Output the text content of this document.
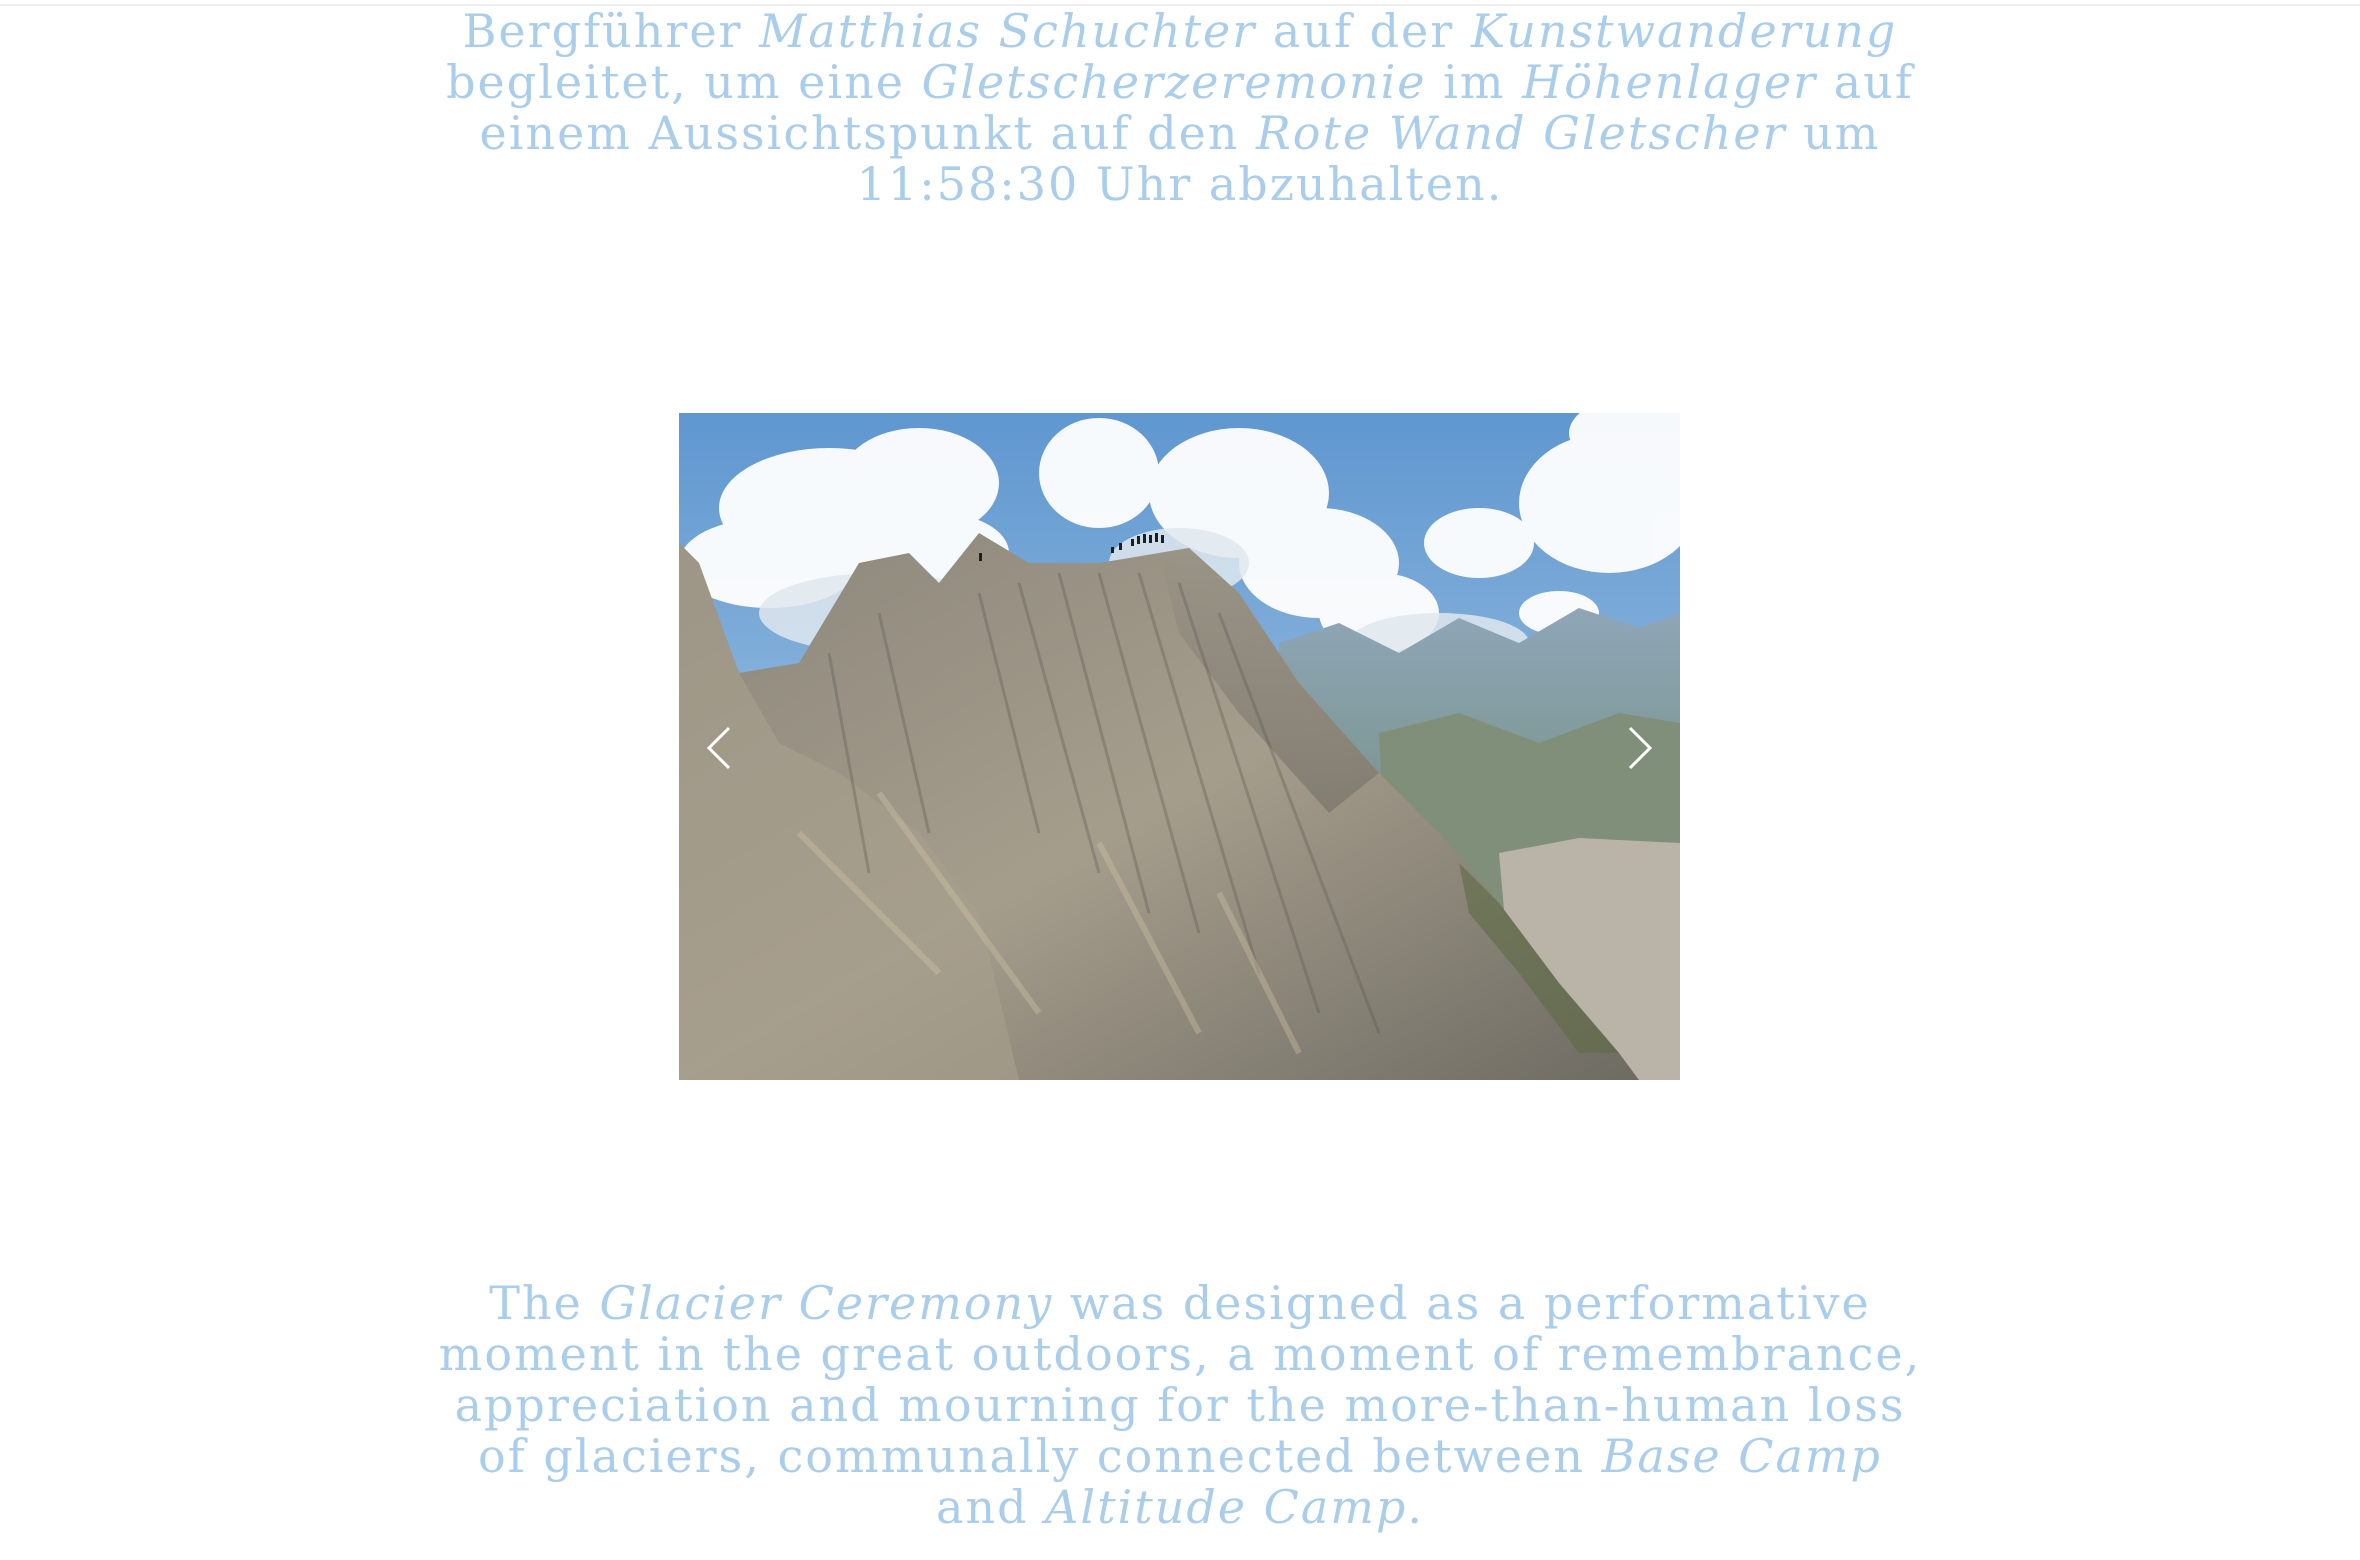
Bergführer Matthias Schuchter auf der Kunstwanderung begleitet, um eine Gletscherzeremonie im Höhenlager auf einem Aussichtspunkt auf den Rote Wand Gletscher um 11:58:30 Uhr abzuhalten.

The Glacier Ceremony was designed as a performative moment in the great outdoors, a moment of remembrance, appreciation and mourning for the more-than-human loss of glaciers, communally connected between Base Camp and Altitude Camp.
